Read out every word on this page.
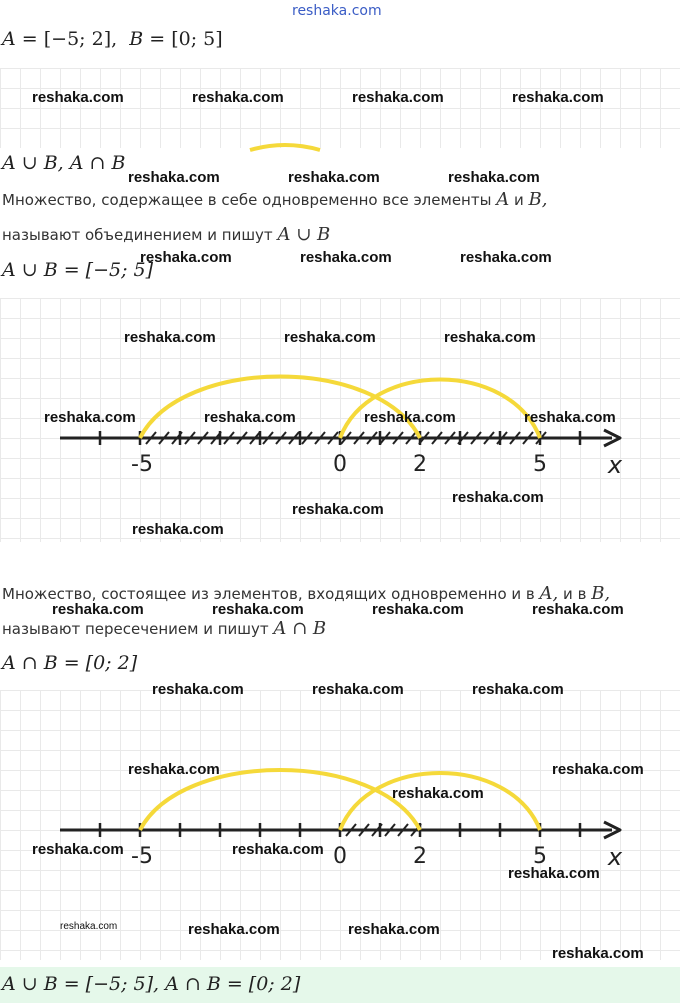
reshaka.com
A = [−5; 2], B = [0; 5]
A ∪ B, A ∩ B
Множество, содержащее в себе одновременно все элементы A и B,
называют объединением и пишут A ∪ B
A ∪ B = [−5; 5]
-5	0	2	5	x
Множество, состоящее из элементов, входящих одновременно и в A, и в B,
называют пересечением и пишут A ∩ B
A ∩ B = [0; 2]
-5	0	2	5	x
A ∪ B = [−5; 5], A ∩ B = [0; 2]
reshaka.com	reshaka.com	reshaka.com	reshaka.com
reshaka.com	reshaka.com	reshaka.com
reshaka.com	reshaka.com	reshaka.com
reshaka.com	reshaka.com	reshaka.com
reshaka.com	reshaka.com	reshaka.com	reshaka.com
reshaka.com
reshaka.com
reshaka.com
reshaka.com	reshaka.com	reshaka.com	reshaka.com
reshaka.com	reshaka.com	reshaka.com
reshaka.com	reshaka.com
reshaka.com
reshaka.com	reshaka.com
reshaka.com
reshaka.com	reshaka.com	reshaka.com
reshaka.com
